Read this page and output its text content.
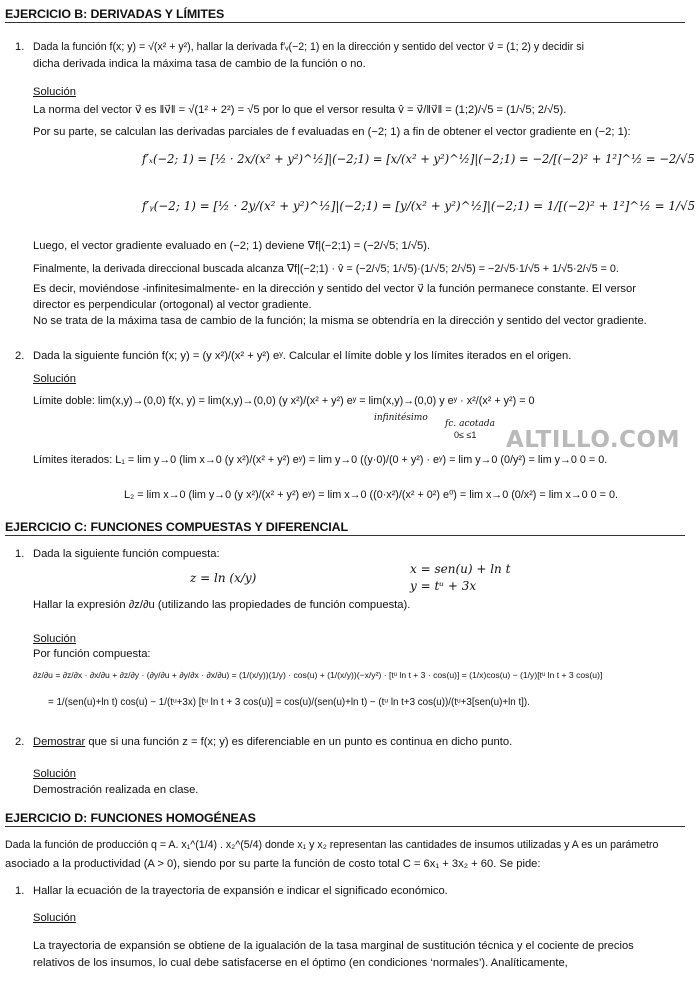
EJERCICIO B: DERIVADAS Y LÍMITES
1. Dada la función f(x; y) = √(x² + y²), hallar la derivada f′ᵥ(−2; 1) en la dirección y sentido del vector v⃗ = (1; 2) y decidir si
dicha derivada indica la máxima tasa de cambio de la función o no.
Solución
La norma del vector v⃗ es ‖v⃗‖ = √(1² + 2²) = √5 por lo que el versor resulta v̂ = v⃗/‖v⃗‖ = (1;2)/√5 = (1/√5; 2/√5).
Por su parte, se calculan las derivadas parciales de f evaluadas en (−2; 1) a fin de obtener el vector gradiente en (−2; 1):
f′ₓ(−2; 1) = [½ · 2x/(x² + y²)^½]|(−2;1) = [x/(x² + y²)^½]|(−2;1) = −2/[(−2)² + 1²]^½ = −2/√5
f′ᵧ(−2; 1) = [½ · 2y/(x² + y²)^½]|(−2;1) = [y/(x² + y²)^½]|(−2;1) = 1/[(−2)² + 1²]^½ = 1/√5
Luego, el vector gradiente evaluado en (−2; 1) deviene ∇f|(−2;1) = (−2/√5; 1/√5).
Finalmente, la derivada direccional buscada alcanza ∇f|(−2;1) · v̂ = (−2/√5; 1/√5)·(1/√5; 2/√5) = −2/√5·1/√5 + 1/√5·2/√5 = 0.
Es decir, moviéndose -infinitesimalmente- en la dirección y sentido del vector v⃗ la función permanece constante. El versor
director es perpendicular (ortogonal) al vector gradiente.
No se trata de la máxima tasa de cambio de la función; la misma se obtendría en la dirección y sentido del vector gradiente.
2. Dada la siguiente función f(x; y) = (y x²)/(x² + y²) eʸ. Calcular el límite doble y los límites iterados en el origen.
Solución
Límite doble: lim(x,y)→(0,0) f(x, y) = lim(x,y)→(0,0) (y x²)/(x² + y²) eʸ = lim(x,y)→(0,0) y eʸ · x²/(x² + y²) = 0
infinitésimo
fc. acotada
0≤ ≤1 ALTILLO.COM
Límites iterados: L₁ = lim y→0 (lim x→0 (y x²)/(x² + y²) eʸ) = lim y→0 ((y·0)/(0 + y²) · eʸ) = lim y→0 (0/y²) = lim y→0 0 = 0.
L₂ = lim x→0 (lim y→0 (y x²)/(x² + y²) eʸ) = lim x→0 ((0·x²)/(x² + 0²) e⁰) = lim x→0 (0/x²) = lim x→0 0 = 0.
EJERCICIO C: FUNCIONES COMPUESTAS Y DIFERENCIAL
1. Dada la siguiente función compuesta:
z = ln (x/y)
x = sen(u) + ln t
y = tᵘ + 3x
Hallar la expresión ∂z/∂u (utilizando las propiedades de función compuesta).
Solución
Por función compuesta:
∂z/∂u = ∂z/∂x · ∂x/∂u + ∂z/∂y · (∂y/∂u + ∂y/∂x · ∂x/∂u) = (1/(x/y))(1/y) · cos(u) + (1/(x/y))(−x/y²) · [tᵘ ln t + 3 · cos(u)] = (1/x)cos(u) − (1/y)[tᵘ ln t + 3 cos(u)]
= 1/(sen(u)+ln t) cos(u) − 1/(tᵘ+3x) [tᵘ ln t + 3 cos(u)] = cos(u)/(sen(u)+ln t) − (tᵘ ln t+3 cos(u))/(tᵘ+3[sen(u)+ln t]).
2. Demostrar que si una función z = f(x; y) es diferenciable en un punto es continua en dicho punto.
Solución
Demostración realizada en clase.
EJERCICIO D: FUNCIONES HOMOGÉNEAS
Dada la función de producción q = A. x₁^(1/4) . x₂^(5/4) donde x₁ y x₂ representan las cantidades de insumos utilizadas y A es un parámetro
asociado a la productividad (A > 0), siendo por su parte la función de costo total C = 6x₁ + 3x₂ + 60. Se pide:
1. Hallar la ecuación de la trayectoria de expansión e indicar el significado económico.
Solución
La trayectoria de expansión se obtiene de la igualación de la tasa marginal de sustitución técnica y el cociente de precios
relativos de los insumos, lo cual debe satisfacerse en el óptimo (en condiciones ‘normales’). Analíticamente,
